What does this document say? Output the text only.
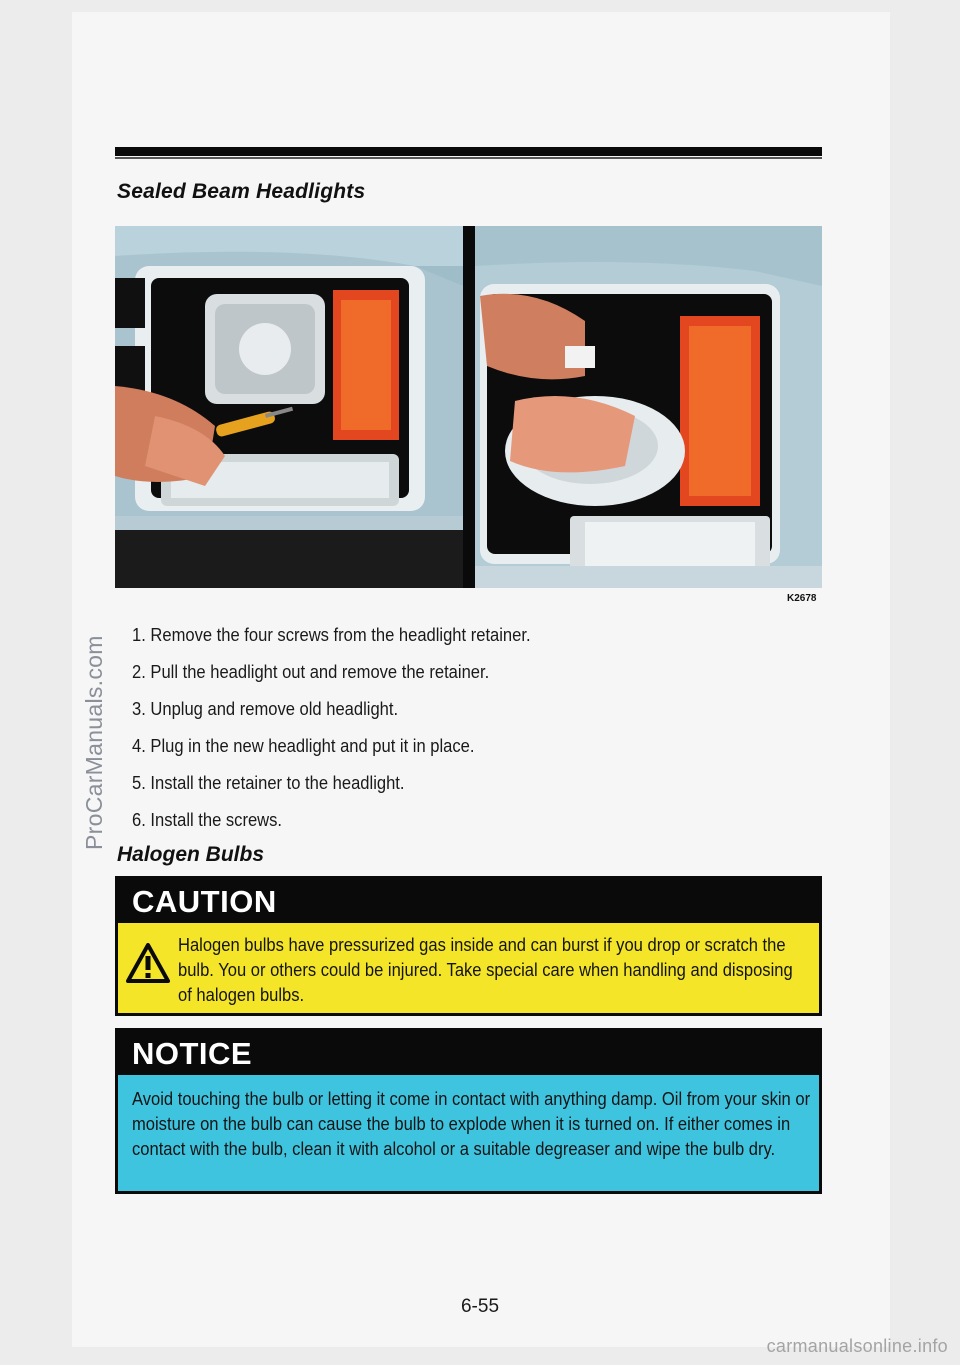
Sealed Beam Headlights
K2678
1. Remove the four screws from the headlight retainer.
2. Pull the headlight out and remove the retainer.
3. Unplug and remove old headlight.
4. Plug in the new headlight and put it in place.
5. Install the retainer to the headlight.
6. Install the screws.
Halogen Bulbs
CAUTION
Halogen bulbs have pressurized gas inside and can burst if you drop or scratch the bulb. You or others could be injured. Take special care when handling and disposing of halogen bulbs.
NOTICE
Avoid touching the bulb or letting it come in contact with anything damp. Oil from your skin or moisture on the bulb can cause the bulb to explode when it is turned on. If either comes in contact with the bulb, clean it with alcohol or a suitable degreaser and wipe the bulb dry.
6-55
ProCarManuals.com
carmanualsonline.info
